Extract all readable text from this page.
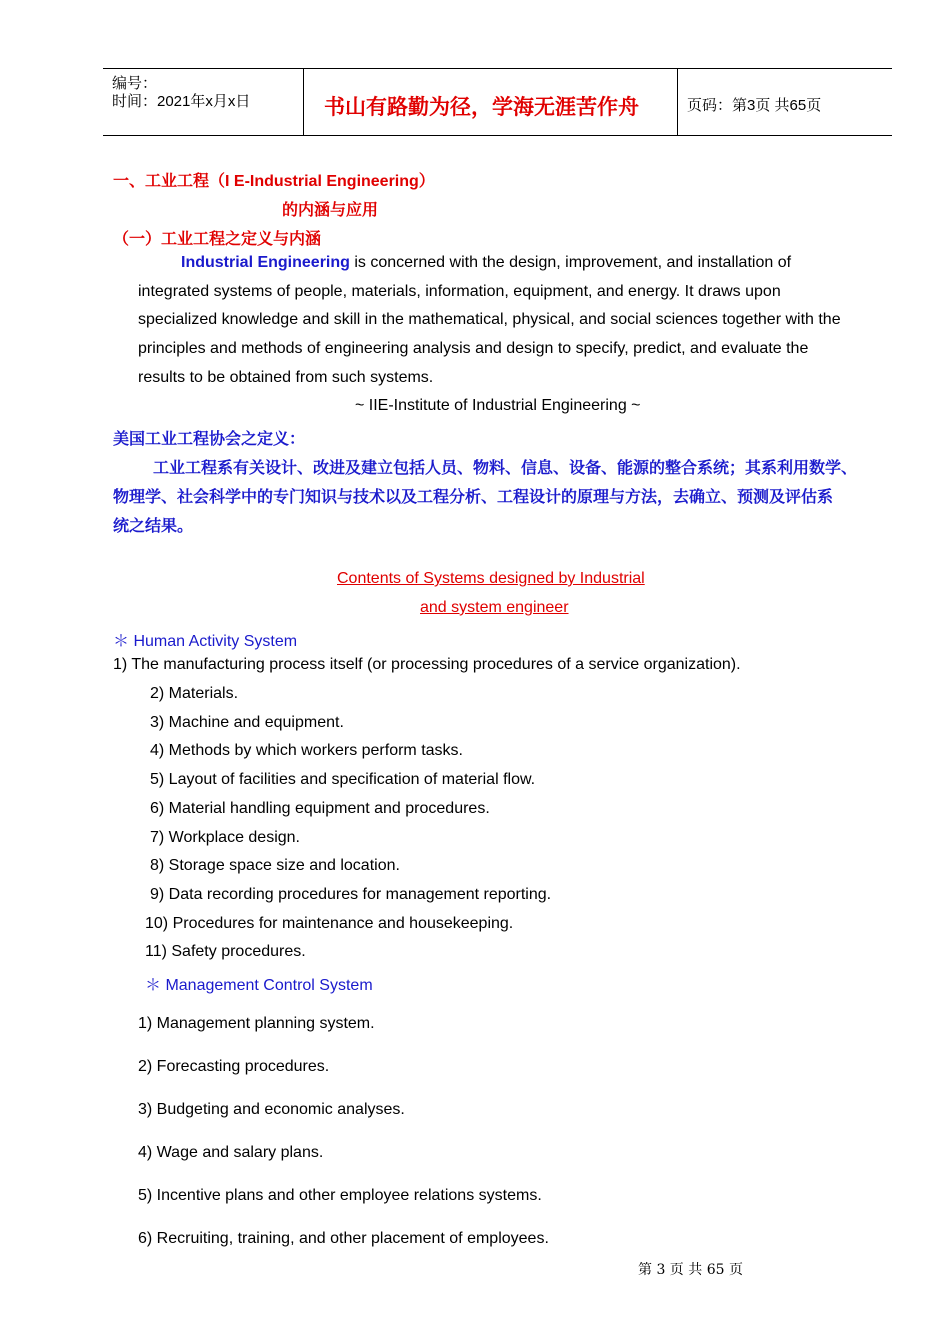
编号：
时间：2021年x月x日	书山有路勤为径，学海无涯苦作舟	页码：第3页 共65页
一、工业工程（I E-Industrial Engineering）
的内涵与应用
（一）工业工程之定义与内涵
Industrial Engineering is concerned with the design, improvement, and installation of
integrated systems of people, materials, information, equipment, and energy. It draws upon
specialized knowledge and skill in the mathematical, physical, and social sciences together with the
principles and methods of engineering analysis and design to specify, predict, and evaluate the
results to be obtained from such systems.
~ IIE-Institute of Industrial Engineering ~
美国工业工程协会之定义：
工业工程系有关设计、改进及建立包括人员、物料、信息、设备、能源的整合系统；其系利用数学、
物理学、社会科学中的专门知识与技术以及工程分析、工程设计的原理与方法，去确立、预测及评估系
统之结果。
Contents of Systems designed by Industrial
and system engineer
＊ Human Activity System
1) The manufacturing process itself (or processing procedures of a service organization).
2) Materials.
3) Machine and equipment.
4) Methods by which workers perform tasks.
5) Layout of facilities and specification of material flow.
6) Material handling equipment and procedures.
7) Workplace design.
8) Storage space size and location.
9) Data recording procedures for management reporting.
10) Procedures for maintenance and housekeeping.
11) Safety procedures.
＊ Management Control System
1) Management planning system.
2) Forecasting procedures.
3) Budgeting and economic analyses.
4) Wage and salary plans.
5) Incentive plans and other employee relations systems.
6) Recruiting, training, and other placement of employees.
第 3 页 共 65 页
